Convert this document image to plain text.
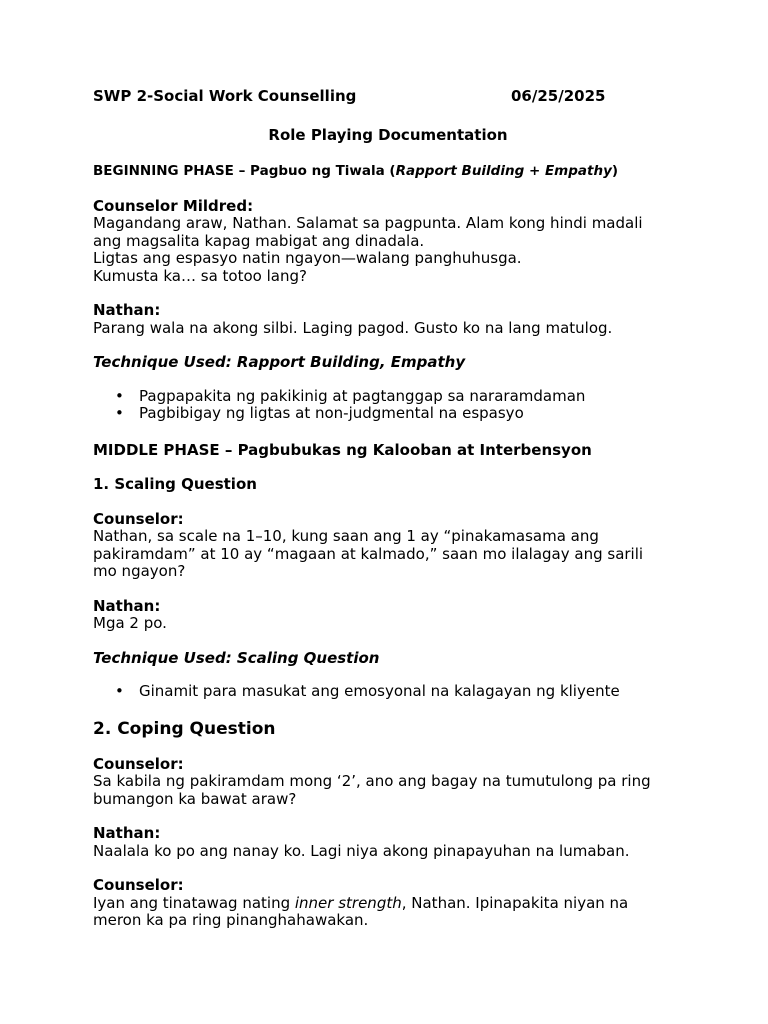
SWP 2-Social Work Counselling	06/25/2025
Role Playing Documentation
BEGINNING PHASE – Pagbuo ng Tiwala (Rapport Building + Empathy)
Counselor Mildred:

Magandang araw, Nathan. Salamat sa pagpunta. Alam kong hindi madali

ang magsalita kapag mabigat ang dinadala.

Ligtas ang espasyo natin ngayon—walang panghuhusga.

Kumusta ka… sa totoo lang?

Nathan:

Parang wala na akong silbi. Laging pagod. Gusto ko na lang matulog.

Technique Used: Rapport Building, Empathy
• Pagpapakita ng pakikinig at pagtanggap sa nararamdaman
• Pagbibigay ng ligtas at non-judgmental na espasyo
MIDDLE PHASE – Pagbubukas ng Kalooban at Interbensyon
1. Scaling Question
Counselor:

Nathan, sa scale na 1–10, kung saan ang 1 ay “pinakamasama ang

pakiramdam” at 10 ay “magaan at kalmado,” saan mo ilalagay ang sarili

mo ngayon?

Nathan:

Mga 2 po.

Technique Used: Scaling Question
• Ginamit para masukat ang emosyonal na kalagayan ng kliyente
2. Coping Question
Counselor:

Sa kabila ng pakiramdam mong ‘2’, ano ang bagay na tumutulong pa ring

bumangon ka bawat araw?

Nathan:

Naalala ko po ang nanay ko. Lagi niya akong pinapayuhan na lumaban.

Counselor:

Iyan ang tinatawag nating inner strength, Nathan. Ipinapakita niyan na

meron ka pa ring pinanghahawakan.
